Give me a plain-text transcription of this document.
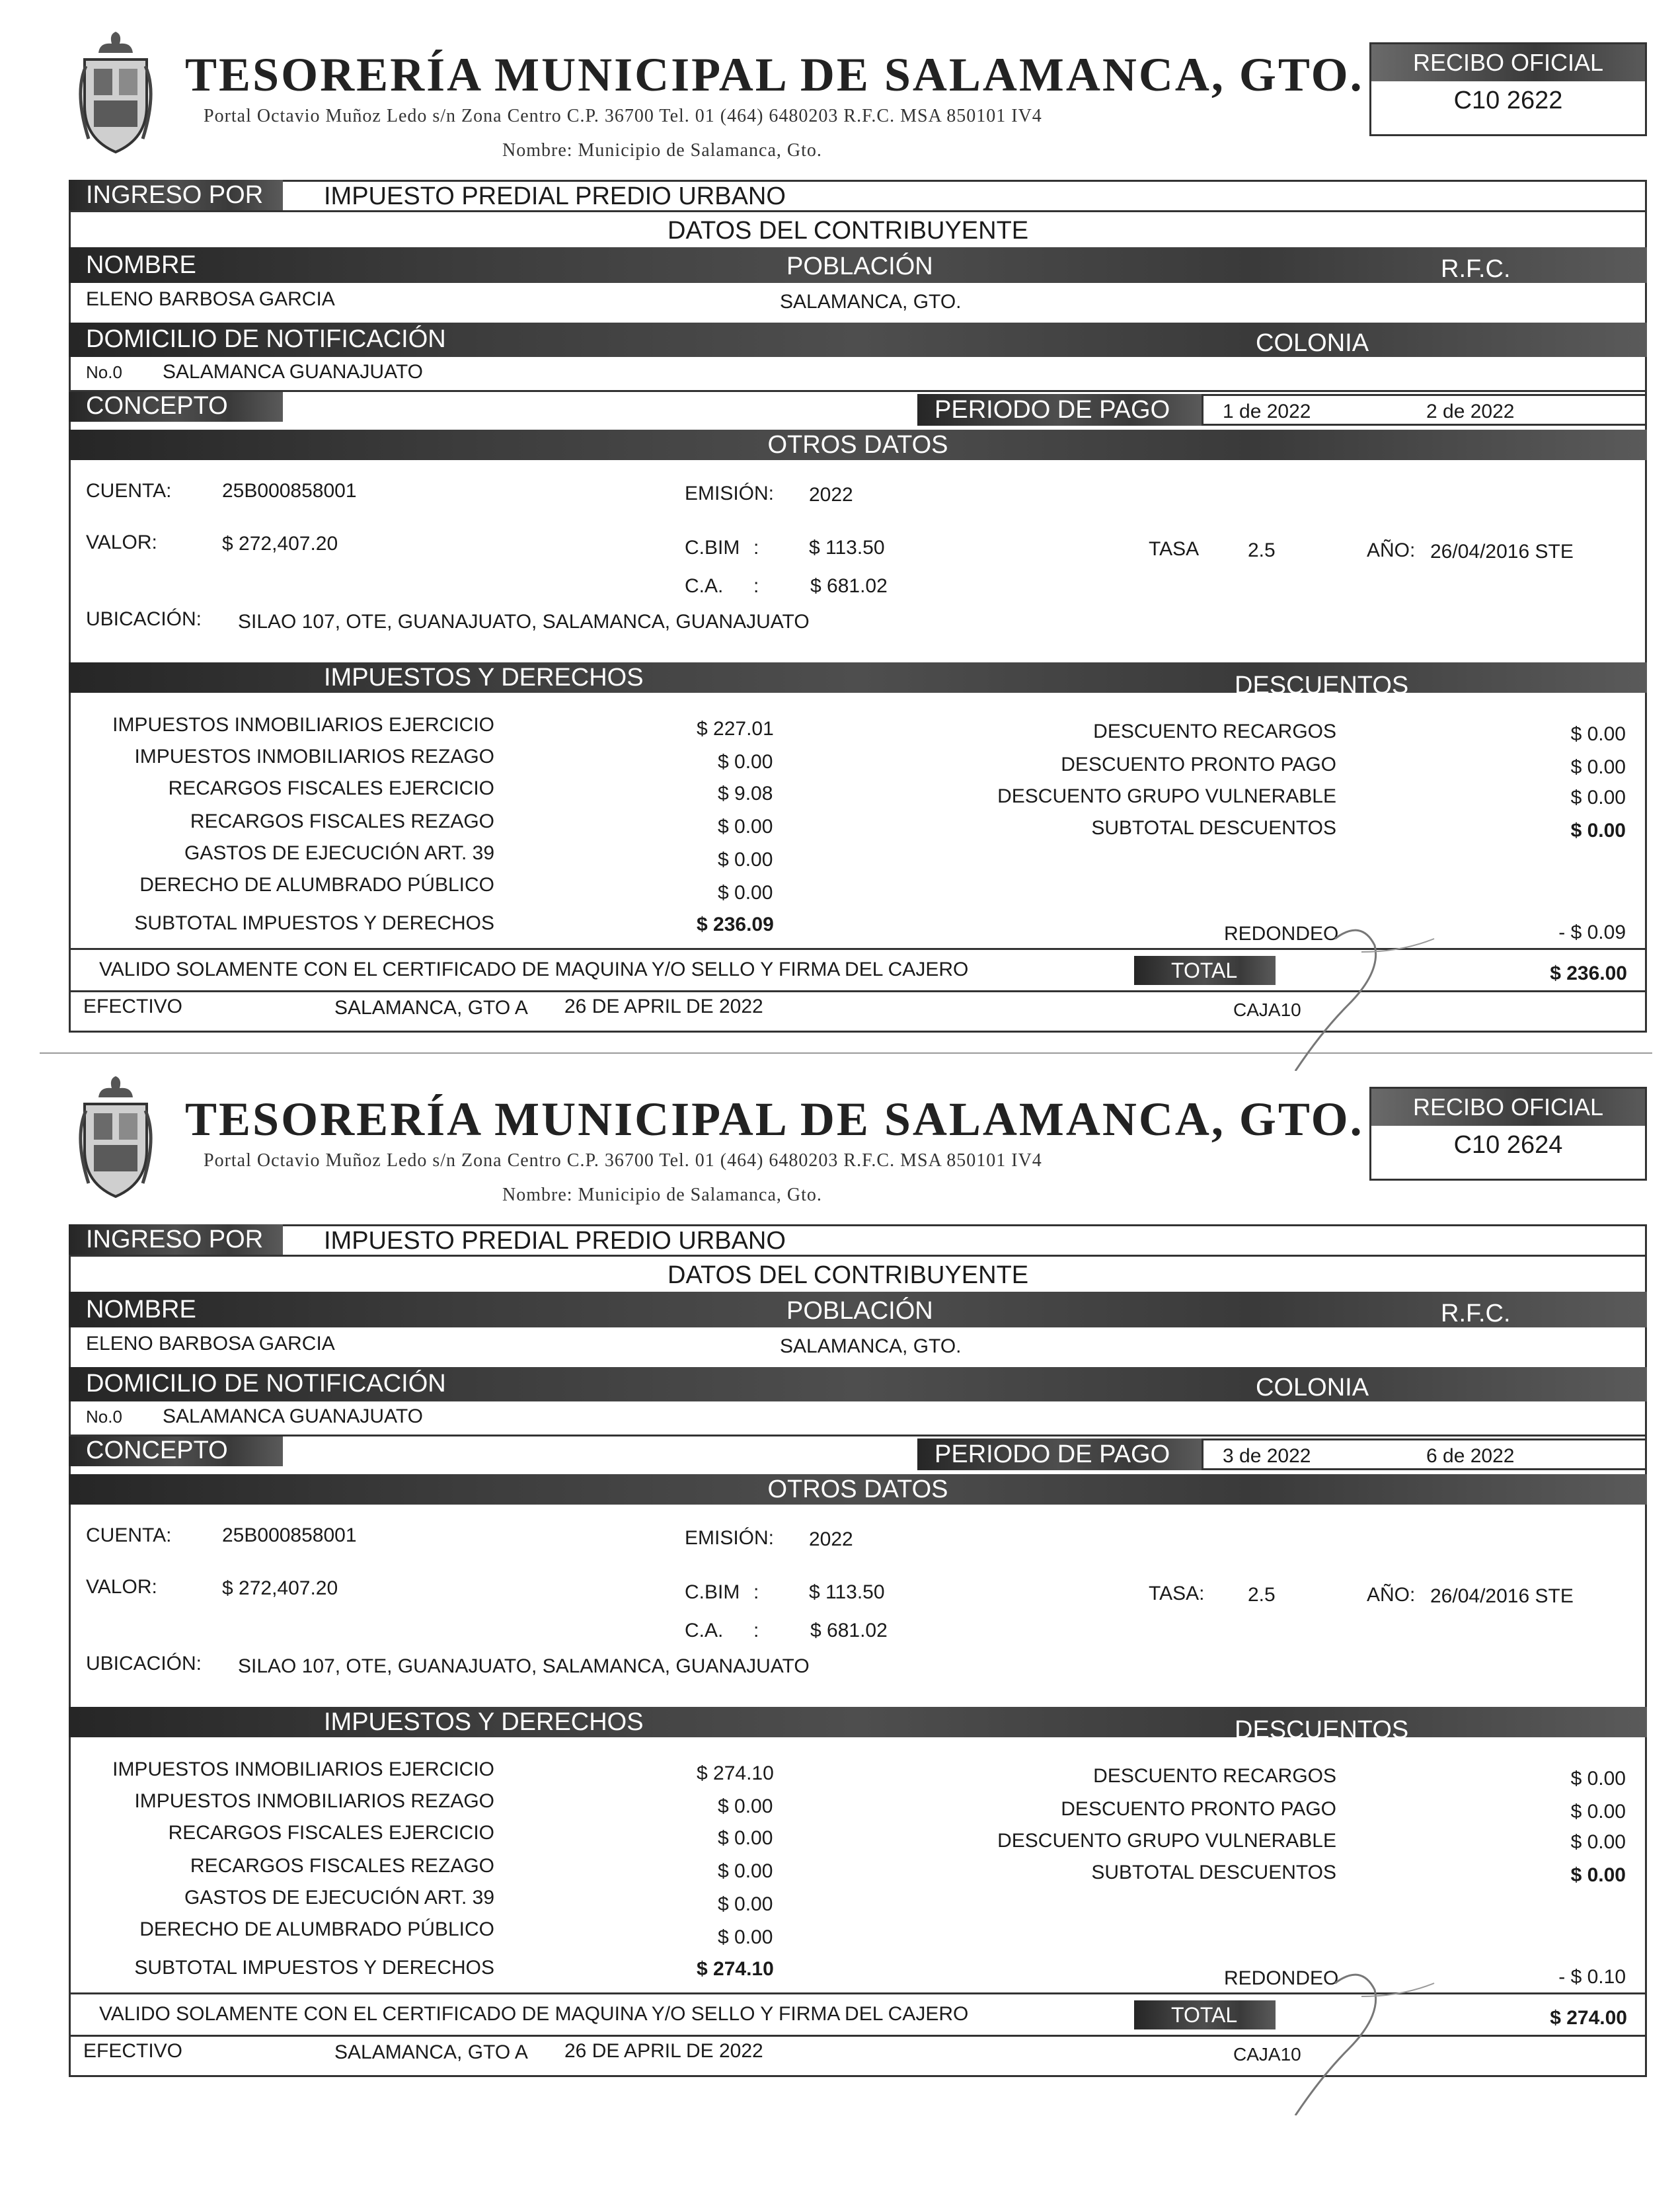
TESORERÍA MUNICIPAL DE SALAMANCA, GTO.
Portal Octavio Muñoz Ledo s/n Zona Centro C.P. 36700 Tel. 01 (464) 6480203 R.F.C. MSA 850101 IV4
Nombre: Municipio de Salamanca, Gto.
RECIBO OFICIAL
C10 2622
INGRESO POR	IMPUESTO PREDIAL PREDIO URBANO
DATOS DEL CONTRIBUYENTE
NOMBRE	POBLACIÓN	R.F.C.
ELENO BARBOSA GARCIA	SALAMANCA, GTO.
DOMICILIO DE NOTIFICACIÓN	COLONIA
No.0 SALAMANCA GUANAJUATO
CONCEPTO	PERIODO DE PAGO	1 de 2022	2 de 2022
OTROS DATOS
CUENTA:	25B000858001	EMISIÓN: 2022
VALOR:	$ 272,407.20	C.BIM :	$ 113.50	TASA 2.5	AÑO: 26/04/2016 STE
C.A. :	$ 681.02
UBICACIÓN: SILAO 107, OTE, GUANAJUATO, SALAMANCA, GUANAJUATO
IMPUESTOS Y DERECHOS	DESCUENTOS
IMPUESTOS INMOBILIARIOS EJERCICIO	$ 227.01
IMPUESTOS INMOBILIARIOS REZAGO	$ 0.00
RECARGOS FISCALES EJERCICIO	$ 9.08
RECARGOS FISCALES REZAGO	$ 0.00
GASTOS DE EJECUCIÓN ART. 39	$ 0.00
DERECHO DE ALUMBRADO PÚBLICO	$ 0.00
SUBTOTAL IMPUESTOS Y DERECHOS	$ 236.09
DESCUENTO RECARGOS	$ 0.00
DESCUENTO PRONTO PAGO	$ 0.00
DESCUENTO GRUPO VULNERABLE	$ 0.00
SUBTOTAL DESCUENTOS	$ 0.00
REDONDEO	- $ 0.09
VALIDO SOLAMENTE CON EL CERTIFICADO DE MAQUINA Y/O SELLO Y FIRMA DEL CAJERO	TOTAL	$ 236.00
EFECTIVO	SALAMANCA, GTO A 26 DE APRIL DE 2022	CAJA10
TESORERÍA MUNICIPAL DE SALAMANCA, GTO.
Portal Octavio Muñoz Ledo s/n Zona Centro C.P. 36700 Tel. 01 (464) 6480203 R.F.C. MSA 850101 IV4
Nombre: Municipio de Salamanca, Gto.
RECIBO OFICIAL
C10 2624
INGRESO POR	IMPUESTO PREDIAL PREDIO URBANO
DATOS DEL CONTRIBUYENTE
NOMBRE	POBLACIÓN	R.F.C.
ELENO BARBOSA GARCIA	SALAMANCA, GTO.
DOMICILIO DE NOTIFICACIÓN	COLONIA
No.0 SALAMANCA GUANAJUATO
CONCEPTO	PERIODO DE PAGO	3 de 2022	6 de 2022
OTROS DATOS
CUENTA:	25B000858001	EMISIÓN: 2022
VALOR:	$ 272,407.20	C.BIM :	$ 113.50	TASA: 2.5	AÑO: 26/04/2016 STE
C.A. :	$ 681.02
UBICACIÓN: SILAO 107, OTE, GUANAJUATO, SALAMANCA, GUANAJUATO
IMPUESTOS Y DERECHOS	DESCUENTOS
IMPUESTOS INMOBILIARIOS EJERCICIO	$ 274.10
IMPUESTOS INMOBILIARIOS REZAGO	$ 0.00
RECARGOS FISCALES EJERCICIO	$ 0.00
RECARGOS FISCALES REZAGO	$ 0.00
GASTOS DE EJECUCIÓN ART. 39	$ 0.00
DERECHO DE ALUMBRADO PÚBLICO	$ 0.00
SUBTOTAL IMPUESTOS Y DERECHOS	$ 274.10
DESCUENTO RECARGOS	$ 0.00
DESCUENTO PRONTO PAGO	$ 0.00
DESCUENTO GRUPO VULNERABLE	$ 0.00
SUBTOTAL DESCUENTOS	$ 0.00
REDONDEO	- $ 0.10
VALIDO SOLAMENTE CON EL CERTIFICADO DE MAQUINA Y/O SELLO Y FIRMA DEL CAJERO	TOTAL	$ 274.00
EFECTIVO	SALAMANCA, GTO A 26 DE APRIL DE 2022	CAJA10
